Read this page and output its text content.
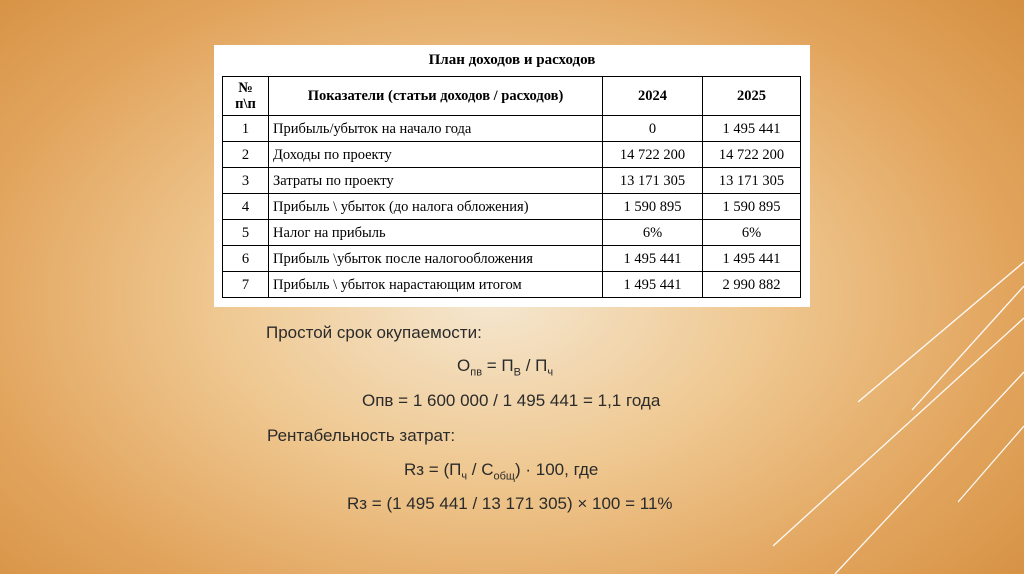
План доходов и расходов
№ п\п	Показатели (статьи доходов / расходов)	2024	2025
1	Прибыль/убыток на начало года	0	1 495 441
2	Доходы по проекту	14 722 200	14 722 200
3	Затраты по проекту	13 171 305	13 171 305
4	Прибыль \ убыток (до налога обложения)	1 590 895	1 590 895
5	Налог на прибыль	6%	6%
6	Прибыль \убыток после налогообложения	1 495 441	1 495 441
7	Прибыль \ убыток нарастающим итогом	1 495 441	2 990 882
Простой срок окупаемости:
$О_{пв} = П_В / П_ч$
Опв = 1 600 000 / 1 495 441 = 1,1 года
Рентабельность затрат:
Rз = $(П_ч / С_{общ}) \cdot 100$, где
Rз = (1 495 441 / 13 171 305) × 100 = 11%
